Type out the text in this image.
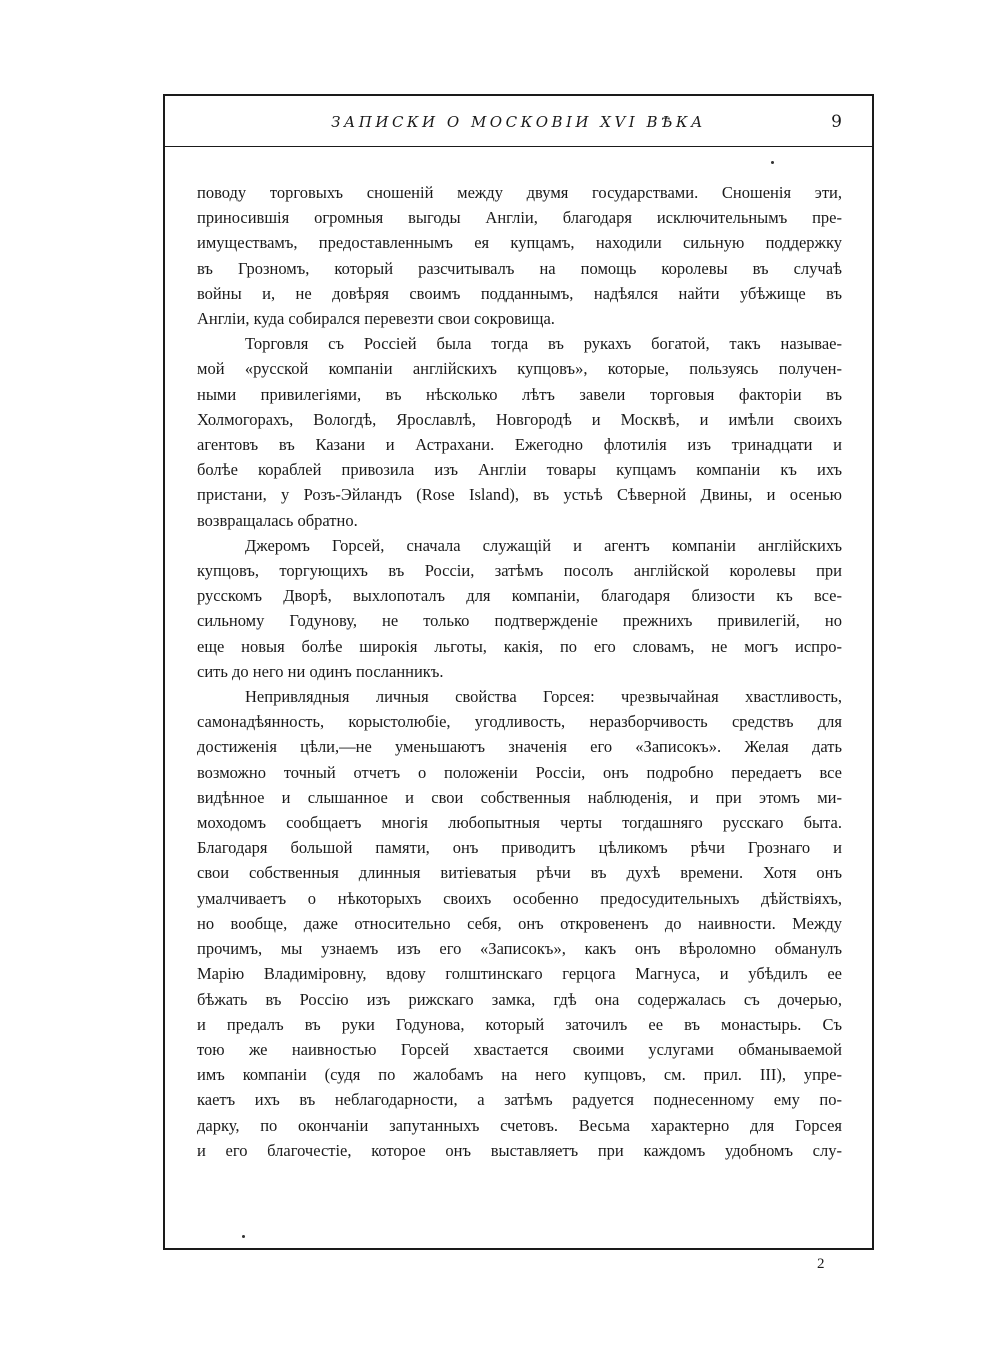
ЗАПИСКИ О МОСКОВІИ XVI ВѢКА	9
поводу торговыхъ сношеній между двумя государствами. Сношенія эти,
приносившія огромныя выгоды Англіи, благодаря исключительнымъ пре-
имуществамъ, предоставленнымъ ея купцамъ, находили сильную поддержку
въ Грозномъ, который разсчитывалъ на помощь королевы въ случаѣ
войны и, не довѣряя своимъ подданнымъ, надѣялся найти убѣжище въ
Англіи, куда собирался перевезти свои сокровища.
Торговля съ Россіей была тогда въ рукахъ богатой, такъ называе-
мой «русской компаніи англійскихъ купцовъ», которые, пользуясь получен-
ными привилегіями, въ нѣсколько лѣтъ завели торговыя факторіи въ
Холмогорахъ, Вологдѣ, Ярославлѣ, Новгородѣ и Москвѣ, и имѣли своихъ
агентовъ въ Казани и Астрахани. Ежегодно флотилія изъ тринадцати и
болѣе кораблей привозила изъ Англіи товары купцамъ компаніи къ ихъ
пристани, у Розъ-Эйландъ (Rose Island), въ устьѣ Сѣверной Двины, и осенью
возвращалась обратно.
Джеромъ Горсей, сначала служащій и агентъ компаніи англійскихъ
купцовъ, торгующихъ въ Россіи, затѣмъ посолъ англійской королевы при
русскомъ Дворѣ, выхлопоталъ для компаніи, благодаря близости къ все-
сильному Годунову, не только подтвержденіе прежнихъ привилегій, но
еще новыя болѣе широкія льготы, какія, по его словамъ, не могъ испро-
сить до него ни одинъ посланникъ.
Непривлядныя личныя свойства Горсея: чрезвычайная хвастливость,
самонадѣянность, корыстолюбіе, угодливость, неразборчивость средствъ для
достиженія цѣли,—не уменьшаютъ значенія его «Записокъ». Желая дать
возможно точный отчетъ о положеніи Россіи, онъ подробно передаетъ все
видѣнное и слышанное и свои собственныя наблюденія, и при этомъ ми-
моходомъ сообщаетъ многія любопытныя черты тогдашняго русскаго быта.
Благодаря большой памяти, онъ приводитъ цѣликомъ рѣчи Грознаго и
свои собственныя длинныя витіеватыя рѣчи въ духѣ времени. Хотя онъ
умалчиваетъ о нѣкоторыхъ своихъ особенно предосудительныхъ дѣйствіяхъ,
но вообще, даже относительно себя, онъ откровененъ до наивности. Между
прочимъ, мы узнаемъ изъ его «Записокъ», какъ онъ вѣроломно обманулъ
Марію Владиміровну, вдову голштинскаго герцога Магнуса, и убѣдилъ ее
бѣжать въ Россію изъ рижскаго замка, гдѣ она содержалась съ дочерью,
и предалъ въ руки Годунова, который заточилъ ее въ монастырь. Съ
тою же наивностью Горсей хвастается своими услугами обманываемой
имъ компаніи (судя по жалобамъ на него купцовъ, см. прил. III), упре-
каетъ ихъ въ неблагодарности, а затѣмъ радуется поднесенному ему по-
дарку, по окончаніи запутанныхъ счетовъ. Весьма характерно для Горсея
и его благочестіе, которое онъ выставляетъ при каждомъ удобномъ слу-
2
